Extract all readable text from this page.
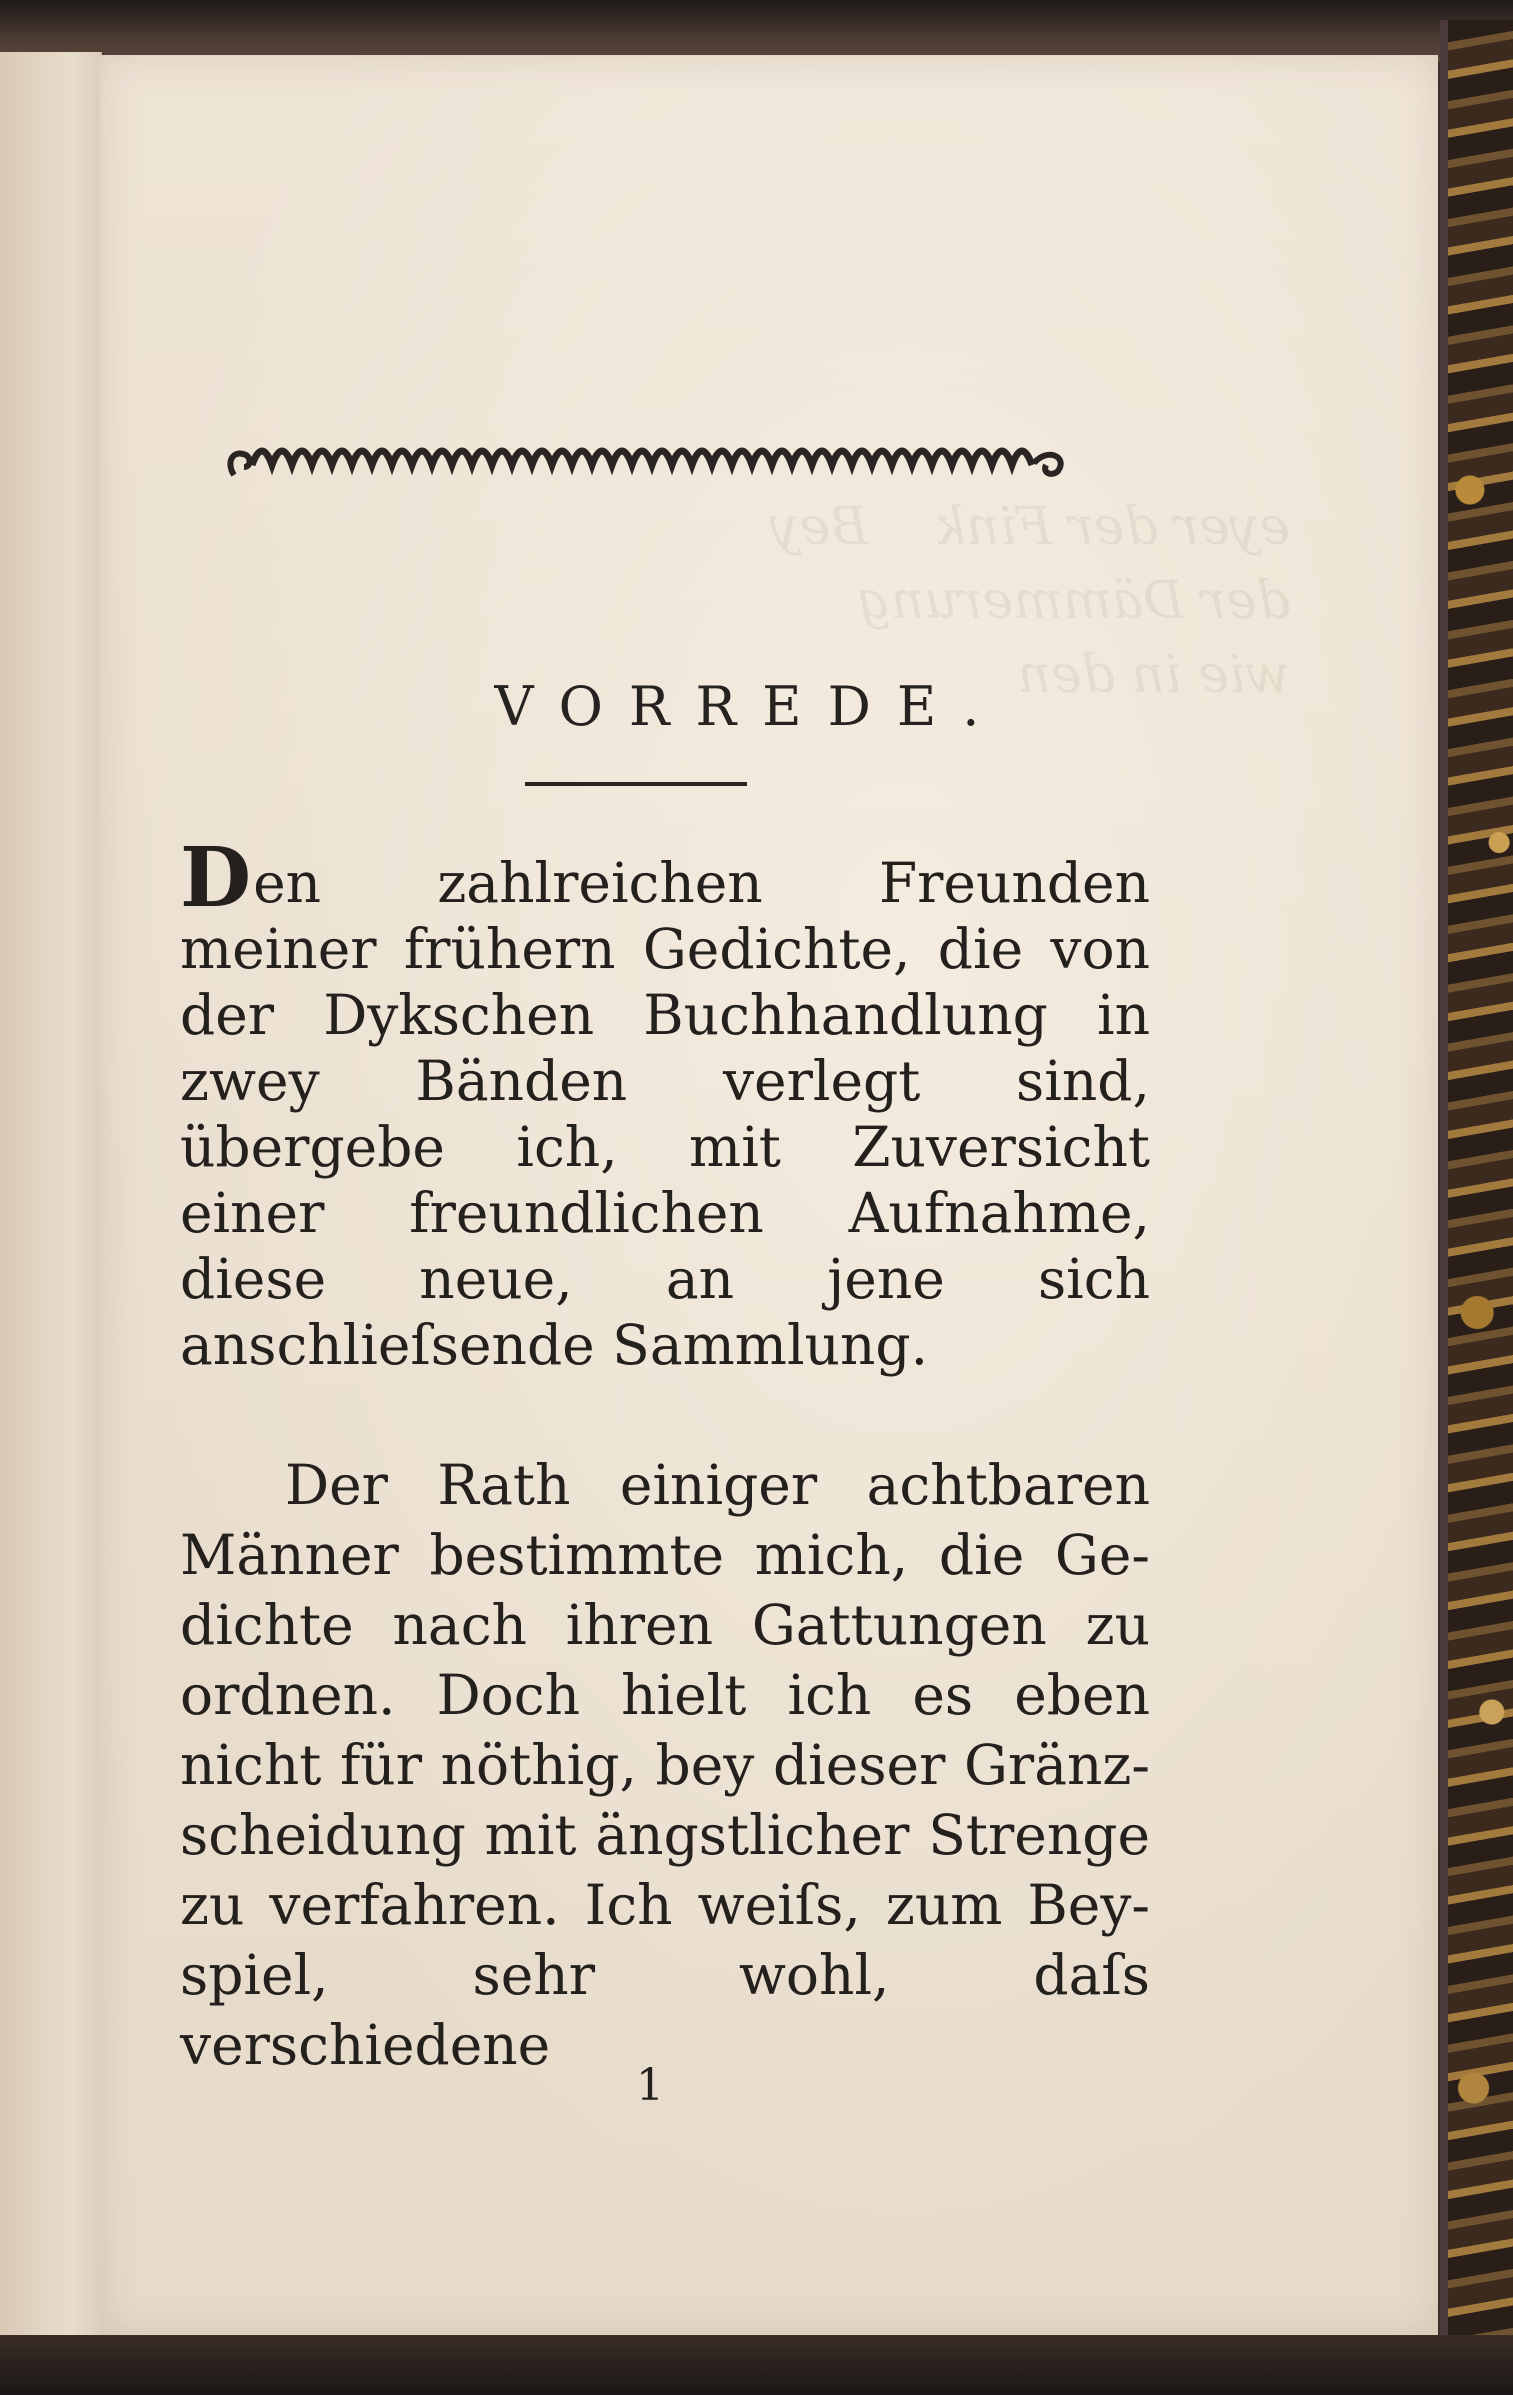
eyer der Fink    Bey
der Dämmerung
wie in den
VORREDE.

Den zahlreichen Freunden meiner frühern Gedichte, die von der Dykschen Buchhandlung in zwey Bänden verlegt sind, übergebe ich, mit Zuversicht einer freundlichen Aufnahme, diese neue, an jene sich anschlieſsende Sammlung.

Der Rath einiger achtbaren Männer bestimmte mich, die Gedichte nach ihren Gattungen zu ordnen. Doch hielt ich es eben nicht für nöthig, bey dieser Gränzscheidung mit ängstlicher Strenge zu verfahren. Ich weiſs, zum Beyspiel, sehr wohl, daſs verschiedene

1
